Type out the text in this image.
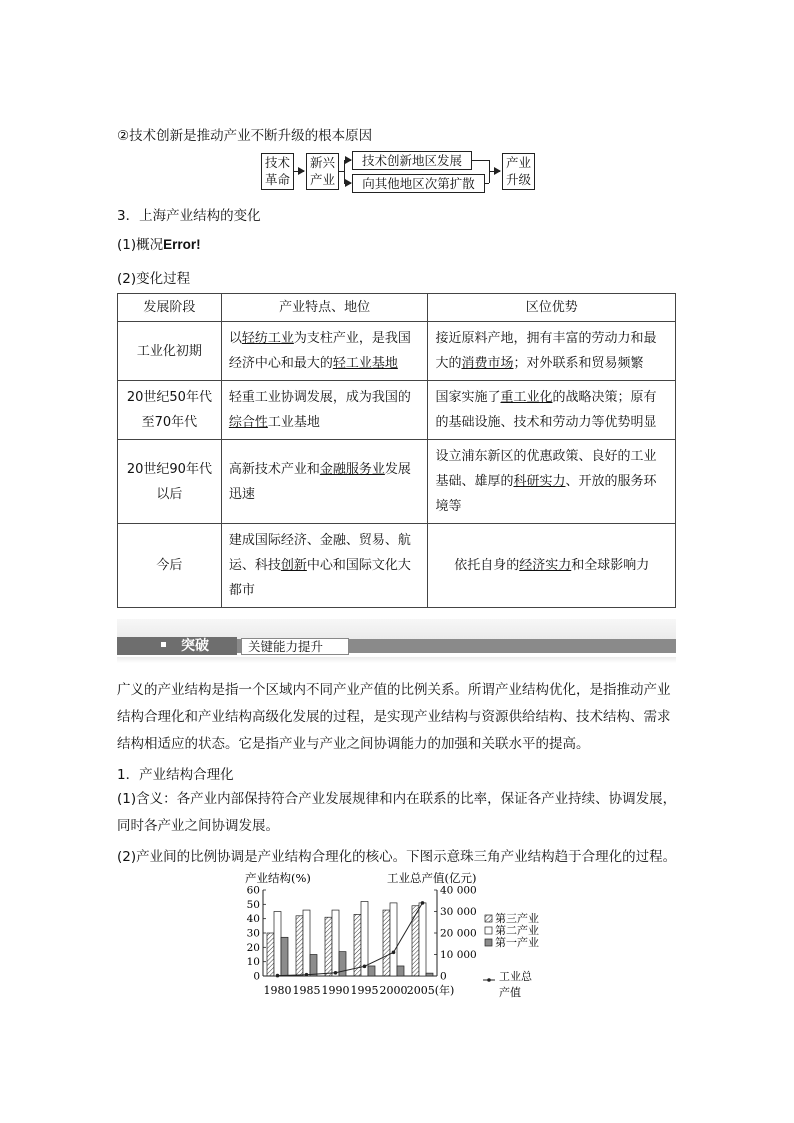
②技术创新是推动产业不断升级的根本原因
技术
革命
新兴
产业
技术创新地区发展
向其他地区次第扩散
产业
升级
3．上海产业结构的变化
(1)概况Error!
(2)变化过程
发展阶段	产业特点、地位	区位优势
工业化初期	以轻纺工业为支柱产业，是我国经济中心和最大的轻工业基地	接近原料产地，拥有丰富的劳动力和最大的消费市场；对外联系和贸易频繁
20世纪50年代至70年代	轻重工业协调发展，成为我国的综合性工业基地	国家实施了重工业化的战略决策；原有的基础设施、技术和劳动力等优势明显
20世纪90年代以后	高新技术产业和金融服务业发展迅速	设立浦东新区的优惠政策、良好的工业基础、雄厚的科研实力、开放的服务环境等
今后	建成国际经济、金融、贸易、航运、科技创新中心和国际文化大都市	依托自身的经济实力和全球影响力
突破	关键能力提升
广义的产业结构是指一个区域内不同产业产值的比例关系。所谓产业结构优化，是指推动产业结构合理化和产业结构高级化发展的过程，是实现产业结构与资源供给结构、技术结构、需求结构相适应的状态。它是指产业与产业之间协调能力的加强和关联水平的提高。
1．产业结构合理化
(1)含义：各产业内部保持符合产业发展规律和内在联系的比率，保证各产业持续、协调发展，同时各产业之间协调发展。
(2)产业间的比例协调是产业结构合理化的核心。下图示意珠三角产业结构趋于合理化的过程。
0
10
20
30
40
50
60
0
10 000
20 000
30 000
40 000
产业结构(%)	工业总产值(亿元)
1980 1985 1990 1995 2000 2005(年)
第三产业
第二产业
第一产业
工业总
产值
